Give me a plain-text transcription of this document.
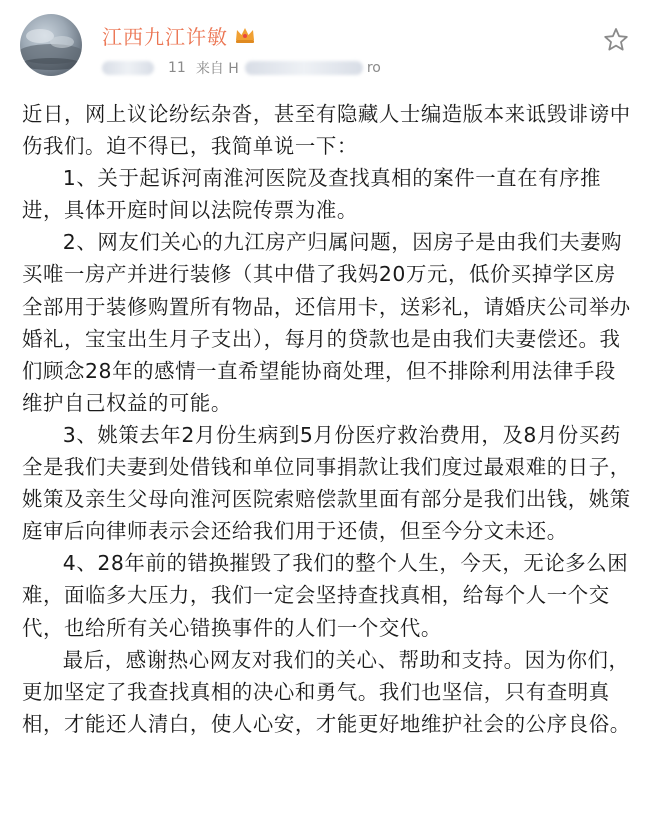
江西九江许敏
11 来自 H	ro

近日，网上议论纷纭杂沓，甚至有隐藏人士编造版本来诋毁诽谤中伤我们。迫不得已，我简单说一下：

1、关于起诉河南淮河医院及查找真相的案件一直在有序推进，具体开庭时间以法院传票为准。

2、网友们关心的九江房产归属问题，因房子是由我们夫妻购买唯一房产并进行装修（其中借了我妈20万元，低价买掉学区房全部用于装修购置所有物品，还信用卡，送彩礼，请婚庆公司举办婚礼，宝宝出生月子支出），每月的贷款也是由我们夫妻偿还。我们顾念28年的感情一直希望能协商处理，但不排除利用法律手段维护自己权益的可能。

3、姚策去年2月份生病到5月份医疗救治费用，及8月份买药全是我们夫妻到处借钱和单位同事捐款让我们度过最艰难的日子，姚策及亲生父母向淮河医院索赔偿款里面有部分是我们出钱，姚策庭审后向律师表示会还给我们用于还债，但至今分文未还。

4、28年前的错换摧毁了我们的整个人生，今天，无论多么困难，面临多大压力，我们一定会坚持查找真相，给每个人一个交代，也给所有关心错换事件的人们一个交代。

最后，感谢热心网友对我们的关心、帮助和支持。因为你们，更加坚定了我查找真相的决心和勇气。我们也坚信，只有查明真相，才能还人清白，使人心安，才能更好地维护社会的公序良俗。
